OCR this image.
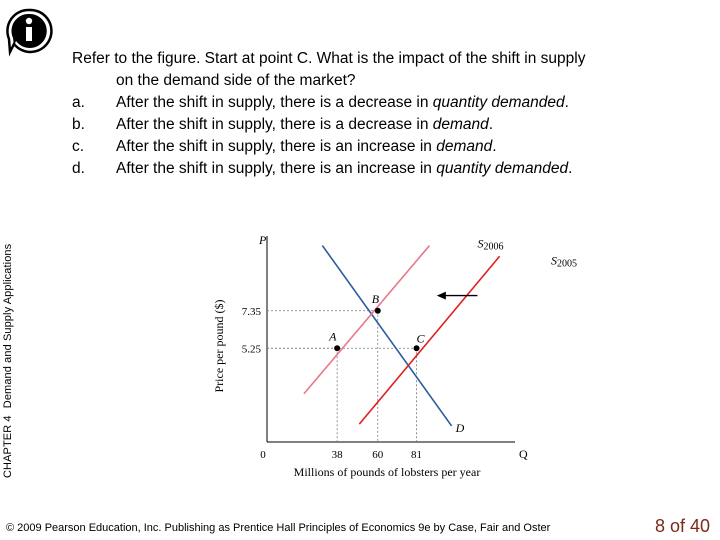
CHAPTER 4 Demand and Supply Applications

Refer to the figure. Start at point C. What is the impact of the shift in supply
on the demand side of the market?

a.	After the shift in supply, there is a decrease in quantity demanded.
b.	After the shift in supply, there is a decrease in demand.
c.	After the shift in supply, there is an increase in demand.
d.	After the shift in supply, there is an increase in quantity demanded.
P
Q
0
Millions of pounds of lobsters per year
Price per pound ($)
38	60	81
5.25
7.35
D
S2006
S2005
A
B
C
© 2009 Pearson Education, Inc. Publishing as Prentice Hall Principles of Economics 9e by Case, Fair and Oster	8 of 40
